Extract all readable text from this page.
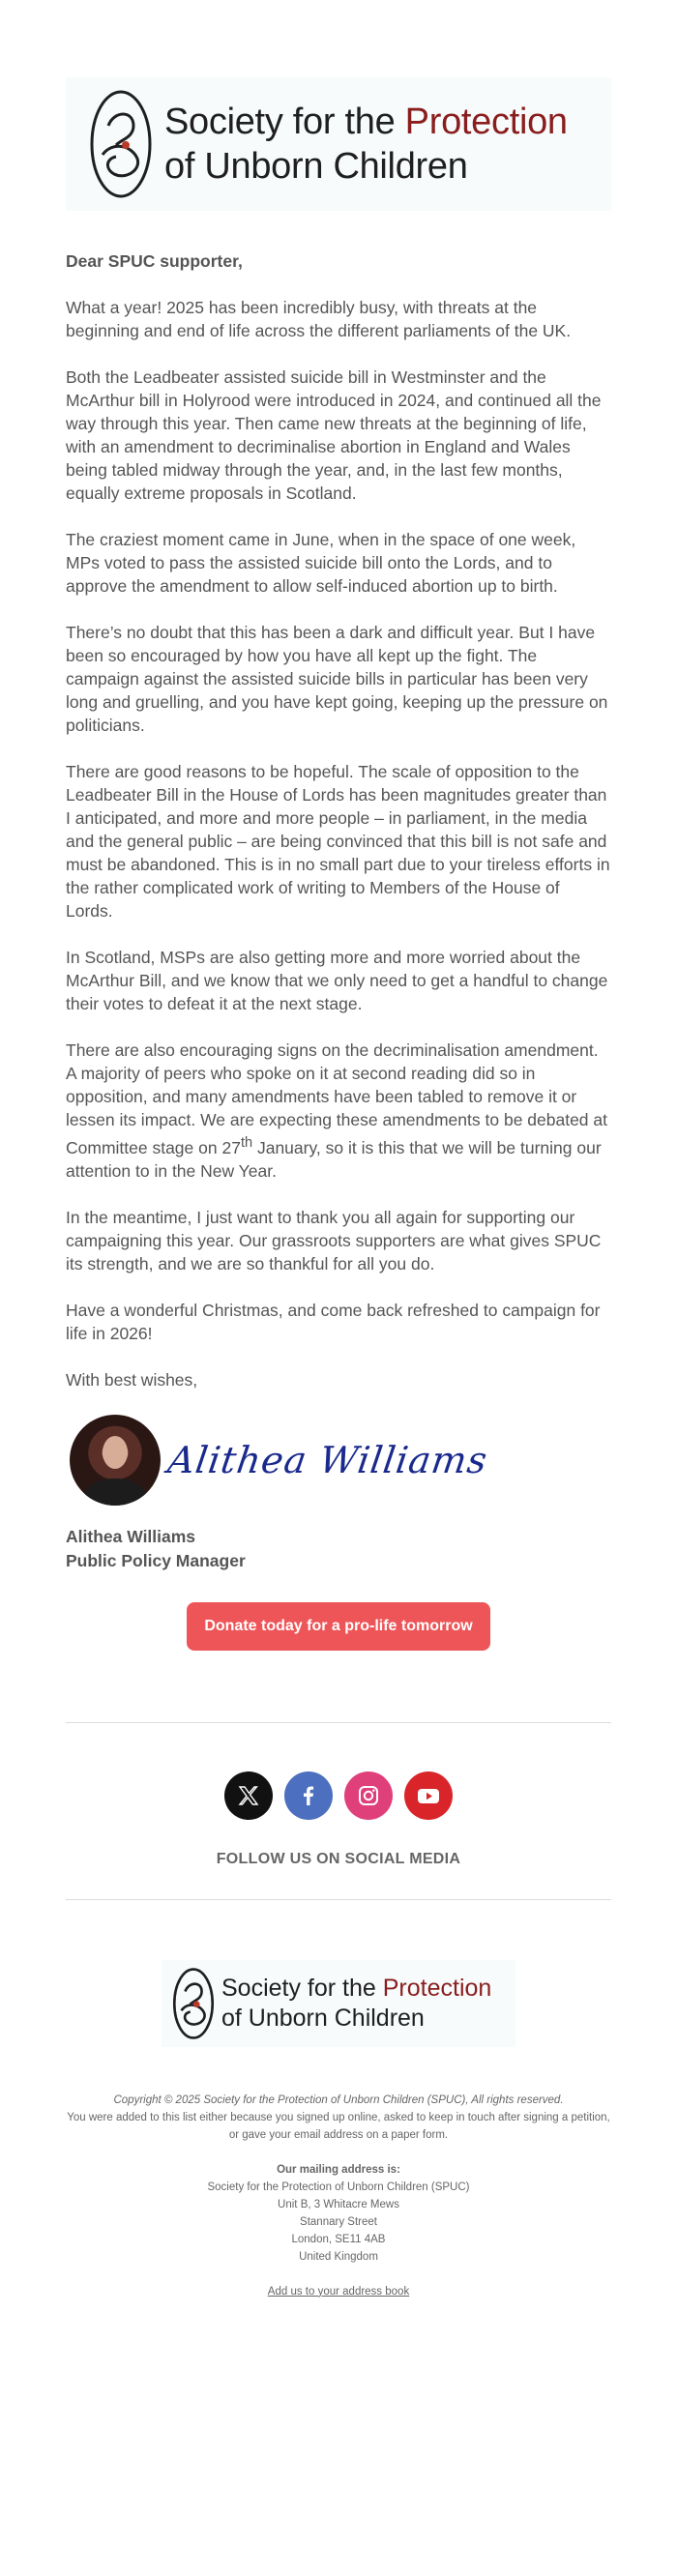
Society for the Protection
of Unborn Children

Dear SPUC supporter,

What a year! 2025 has been incredibly busy, with threats at the beginning and end of life across the different parliaments of the UK.

Both the Leadbeater assisted suicide bill in Westminster and the McArthur bill in Holyrood were introduced in 2024, and continued all the way through this year. Then came new threats at the beginning of life, with an amendment to decriminalise abortion in England and Wales being tabled midway through the year, and, in the last few months, equally extreme proposals in Scotland.

The craziest moment came in June, when in the space of one week, MPs voted to pass the assisted suicide bill onto the Lords, and to approve the amendment to allow self-induced abortion up to birth.

There’s no doubt that this has been a dark and difficult year. But I have been so encouraged by how you have all kept up the fight. The campaign against the assisted suicide bills in particular has been very long and gruelling, and you have kept going, keeping up the pressure on politicians.

There are good reasons to be hopeful. The scale of opposition to the Leadbeater Bill in the House of Lords has been magnitudes greater than I anticipated, and more and more people – in parliament, in the media and the general public – are being convinced that this bill is not safe and must be abandoned. This is in no small part due to your tireless efforts in the rather complicated work of writing to Members of the House of Lords.

In Scotland, MSPs are also getting more and more worried about the McArthur Bill, and we know that we only need to get a handful to change their votes to defeat it at the next stage.

There are also encouraging signs on the decriminalisation amendment. A majority of peers who spoke on it at second reading did so in opposition, and many amendments have been tabled to remove it or lessen its impact. We are expecting these amendments to be debated at Committee stage on 27th January, so it is this that we will be turning our attention to in the New Year.

In the meantime, I just want to thank you all again for supporting our campaigning this year. Our grassroots supporters are what gives SPUC its strength, and we are so thankful for all you do.

Have a wonderful Christmas, and come back refreshed to campaign for life in 2026!

With best wishes,

Alithea Williams
Alithea Williams
Public Policy Manager
Donate today for a pro-life tomorrow
FOLLOW US ON SOCIAL MEDIA
Society for the Protection
of Unborn Children
Copyright © 2025 Society for the Protection of Unborn Children (SPUC), All rights reserved.
You were added to this list either because you signed up online, asked to keep in touch after signing a petition, or gave your email address on a paper form.
Our mailing address is:
Society for the Protection of Unborn Children (SPUC)
Unit B, 3 Whitacre Mews
Stannary Street
London, SE11 4AB
United Kingdom
Add us to your address book
